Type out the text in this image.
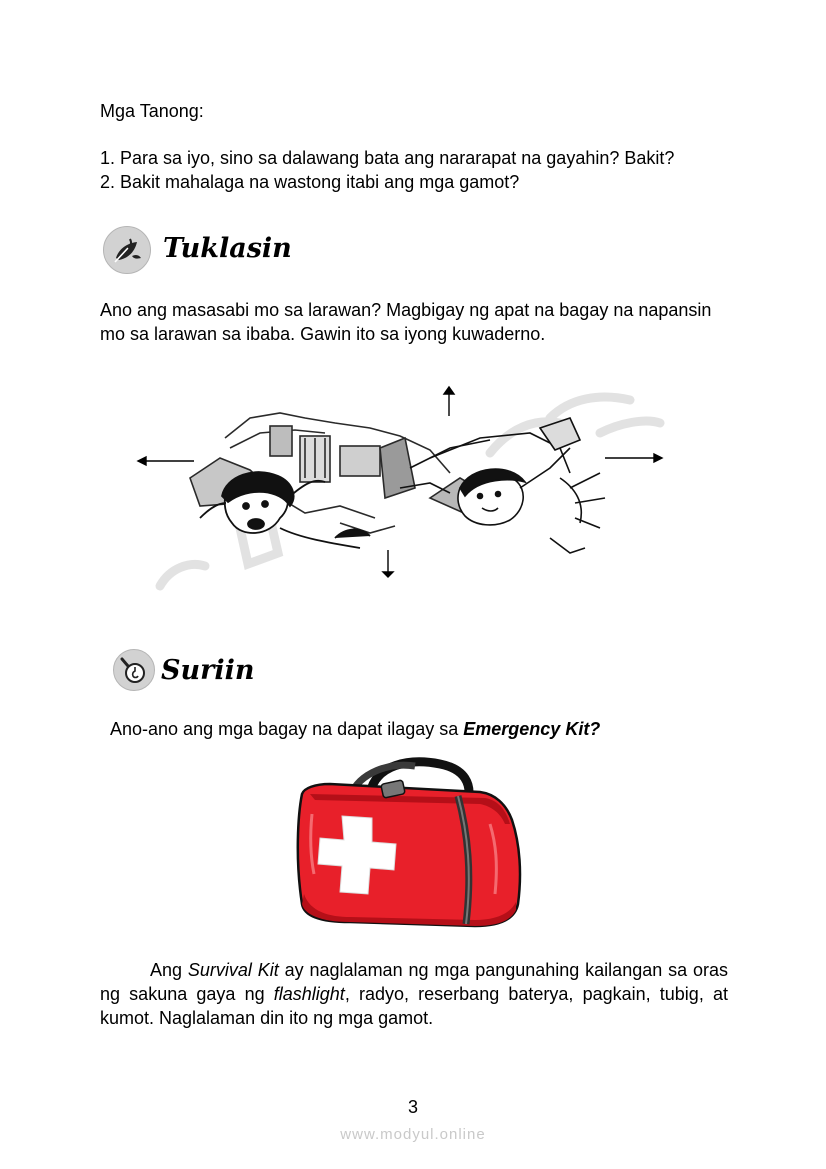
Mga Tanong:

1. Para sa iyo, sino sa dalawang bata ang nararapat na gayahin? Bakit?
2. Bakit mahalaga na wastong itabi ang mga gamot?
Tuklasin

Ano ang masasabi mo sa larawan? Magbigay ng apat na bagay na napansin mo sa larawan sa ibaba. Gawin ito sa iyong kuwaderno.

Suriin

Ano-ano ang mga bagay na dapat ilagay sa Emergency Kit?

Ang Survival Kit ay naglalaman ng mga pangunahing kailangan sa oras ng sakuna gaya ng flashlight, radyo, reserbang baterya, pagkain, tubig, at kumot. Naglalaman din ito ng mga gamot.

3
www.modyul.online
